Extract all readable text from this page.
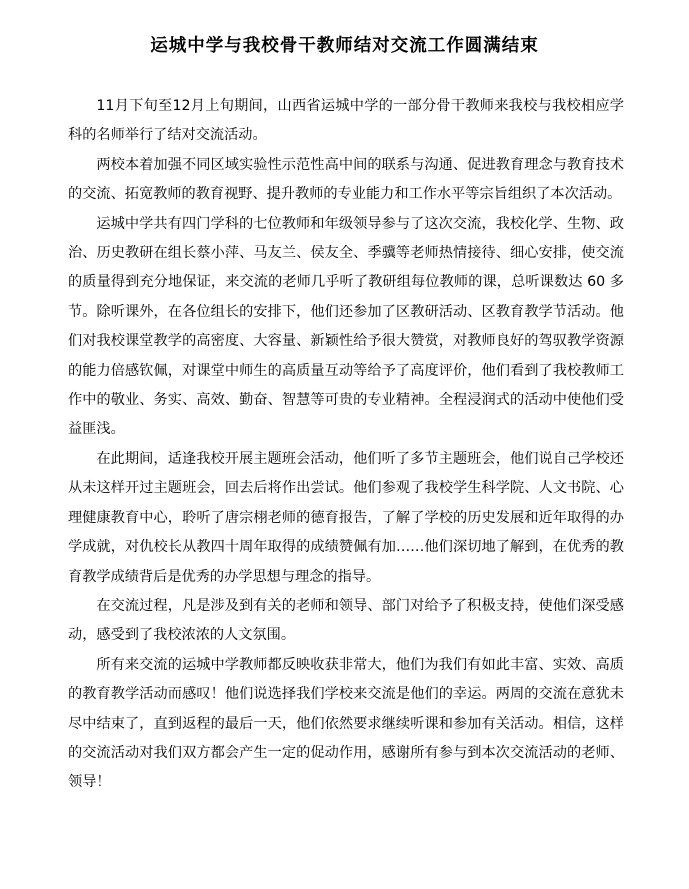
运城中学与我校骨干教师结对交流工作圆满结束

11月下旬至12月上旬期间，山西省运城中学的一部分骨干教师来我校与我校相应学科的名师举行了结对交流活动。

两校本着加强不同区域实验性示范性高中间的联系与沟通、促进教育理念与教育技术的交流、拓宽教师的教育视野、提升教师的专业能力和工作水平等宗旨组织了本次活动。

运城中学共有四门学科的七位教师和年级领导参与了这次交流，我校化学、生物、政治、历史教研在组长蔡小萍、马友兰、侯友全、季骥等老师热情接待、细心安排，使交流的质量得到充分地保证，来交流的老师几乎听了教研组每位教师的课，总听课数达 60 多节。除听课外，在各位组长的安排下，他们还参加了区教研活动、区教育教学节活动。他们对我校课堂教学的高密度、大容量、新颖性给予很大赞赏，对教师良好的驾驭教学资源的能力倍感钦佩，对课堂中师生的高质量互动等给予了高度评价，他们看到了我校教师工作中的敬业、务实、高效、勤奋、智慧等可贵的专业精神。全程浸润式的活动中使他们受益匪浅。

在此期间，适逢我校开展主题班会活动，他们听了多节主题班会，他们说自己学校还从未这样开过主题班会，回去后将作出尝试。他们参观了我校学生科学院、人文书院、心理健康教育中心，聆听了唐宗栩老师的德育报告，了解了学校的历史发展和近年取得的办学成就，对仇校长从教四十周年取得的成绩赞佩有加……他们深切地了解到，在优秀的教育教学成绩背后是优秀的办学思想与理念的指导。

在交流过程，凡是涉及到有关的老师和领导、部门对给予了积极支持，使他们深受感动，感受到了我校浓浓的人文氛围。

所有来交流的运城中学教师都反映收获非常大，他们为我们有如此丰富、实效、高质的教育教学活动而感叹！他们说选择我们学校来交流是他们的幸运。两周的交流在意犹未尽中结束了，直到返程的最后一天，他们依然要求继续听课和参加有关活动。相信，这样的交流活动对我们双方都会产生一定的促动作用，感谢所有参与到本次交流活动的老师、领导！
